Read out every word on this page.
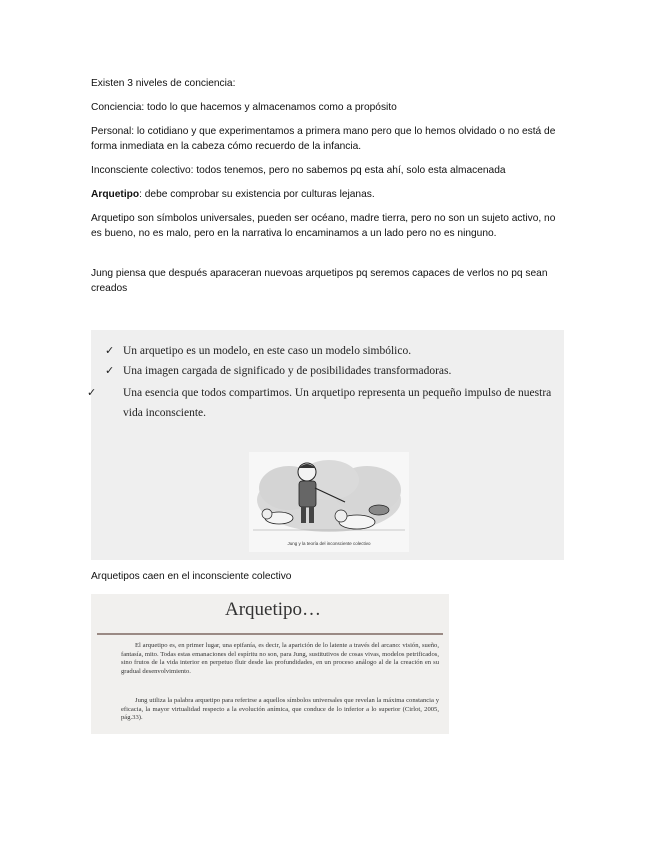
Existen 3 niveles de conciencia:

Conciencia: todo lo que hacemos y almacenamos como a propósito

Personal: lo cotidiano y que experimentamos a primera mano pero que lo hemos olvidado o no está de forma inmediata en la cabeza cómo recuerdo de la infancia.

Inconsciente colectivo: todos tenemos, pero no sabemos pq esta ahí, solo esta almacenada

Arquetipo: debe comprobar su existencia por culturas lejanas.

Arquetipo son símbolos universales, pueden ser océano, madre tierra, pero no son un sujeto activo, no es bueno, no es malo, pero en la narrativa lo encaminamos a un lado pero no es ninguno.

Jung piensa que después aparaceran nuevoas arquetipos pq seremos capaces de verlos no pq sean creados

✓ Un arquetipo es un modelo, en este caso un modelo simbólico.
✓ Una imagen cargada de significado y de posibilidades transformadoras.
✓ Una esencia que todos compartimos. Un arquetipo representa un pequeño impulso de nuestra vida inconsciente.
Jung y la teoría del inconsciente colectivo

Arquetipos caen en el inconsciente colectivo

Arquetipo…

El arquetipo es, en primer lugar, una epifanía, es decir, la aparición de lo latente a través del arcano: visión, sueño, fantasía, mito. Todas estas emanaciones del espíritu no son, para Jung, sustitutivos de cosas vivas, modelos petrificados, sino frutos de la vida interior en perpetuo fluir desde las profundidades, en un proceso análogo al de la creación en su gradual desenvolvimiento.

Jung utiliza la palabra arquetipo para referirse a aquellos símbolos universales que revelan la máxima constancia y eficacia, la mayor virtualidad respecto a la evolución anímica, que conduce de lo inferior a lo superior (Cirlot, 2005, pág.33).
